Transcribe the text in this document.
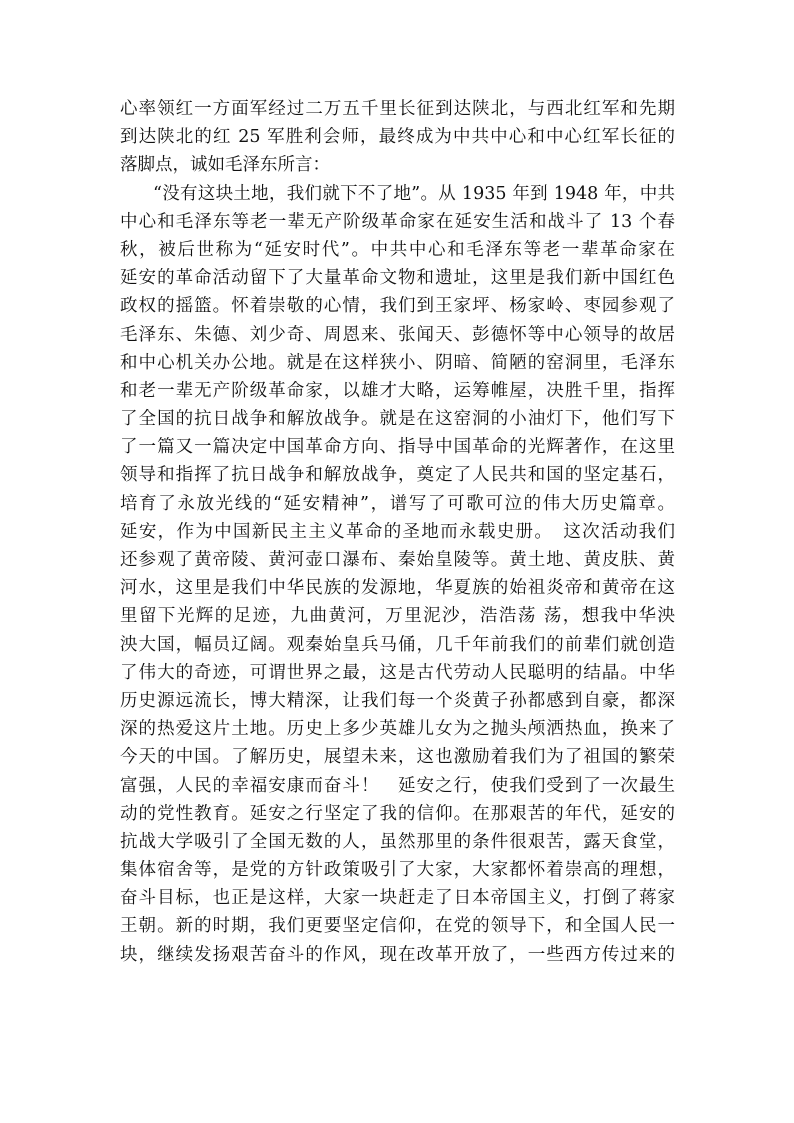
心率领红一方面军经过二万五千里长征到达陕北，与西北红军和先期
到达陕北的红 25 军胜利会师，最终成为中共中心和中心红军长征的
落脚点，诚如毛泽东所言：
“没有这块土地，我们就下不了地”。从 1935 年到 1948 年，中共
中心和毛泽东等老一辈无产阶级革命家在延安生活和战斗了 13 个春
秋，被后世称为“延安时代”。中共中心和毛泽东等老一辈革命家在
延安的革命活动留下了大量革命文物和遗址，这里是我们新中国红色
政权的摇篮。怀着崇敬的心情，我们到王家坪、杨家岭、枣园参观了
毛泽东、朱德、刘少奇、周恩来、张闻天、彭德怀等中心领导的故居
和中心机关办公地。就是在这样狭小、阴暗、简陋的窑洞里，毛泽东
和老一辈无产阶级革命家，以雄才大略，运筹帷屋，决胜千里，指挥
了全国的抗日战争和解放战争。就是在这窑洞的小油灯下，他们写下
了一篇又一篇决定中国革命方向、指导中国革命的光辉著作，在这里
领导和指挥了抗日战争和解放战争，奠定了人民共和国的坚定基石，
培育了永放光线的“延安精神”，谱写了可歌可泣的伟大历史篇章。
延安，作为中国新民主主义革命的圣地而永载史册。　这次活动我们
还参观了黄帝陵、黄河壶口瀑布、秦始皇陵等。黄土地、黄皮肤、黄
河水，这里是我们中华民族的发源地，华夏族的始祖炎帝和黄帝在这
里留下光辉的足迹，九曲黄河，万里泥沙，浩浩荡 荡，想我中华泱
泱大国，幅员辽阔。观秦始皇兵马俑，几千年前我们的前辈们就创造
了伟大的奇迹，可谓世界之最，这是古代劳动人民聪明的结晶。中华
历史源远流长，博大精深，让我们每一个炎黄子孙都感到自豪，都深
深的热爱这片土地。历史上多少英雄儿女为之抛头颅洒热血，换来了
今天的中国。了解历史，展望未来，这也激励着我们为了祖国的繁荣
富强，人民的幸福安康而奋斗！　延安之行，使我们受到了一次最生
动的党性教育。延安之行坚定了我的信仰。在那艰苦的年代，延安的
抗战大学吸引了全国无数的人，虽然那里的条件很艰苦，露天食堂，
集体宿舍等，是党的方针政策吸引了大家，大家都怀着崇高的理想，
奋斗目标，也正是这样，大家一块赶走了日本帝国主义，打倒了蒋家
王朝。新的时期，我们更要坚定信仰，在党的领导下，和全国人民一
块，继续发扬艰苦奋斗的作风，现在改革开放了，一些西方传过来的
